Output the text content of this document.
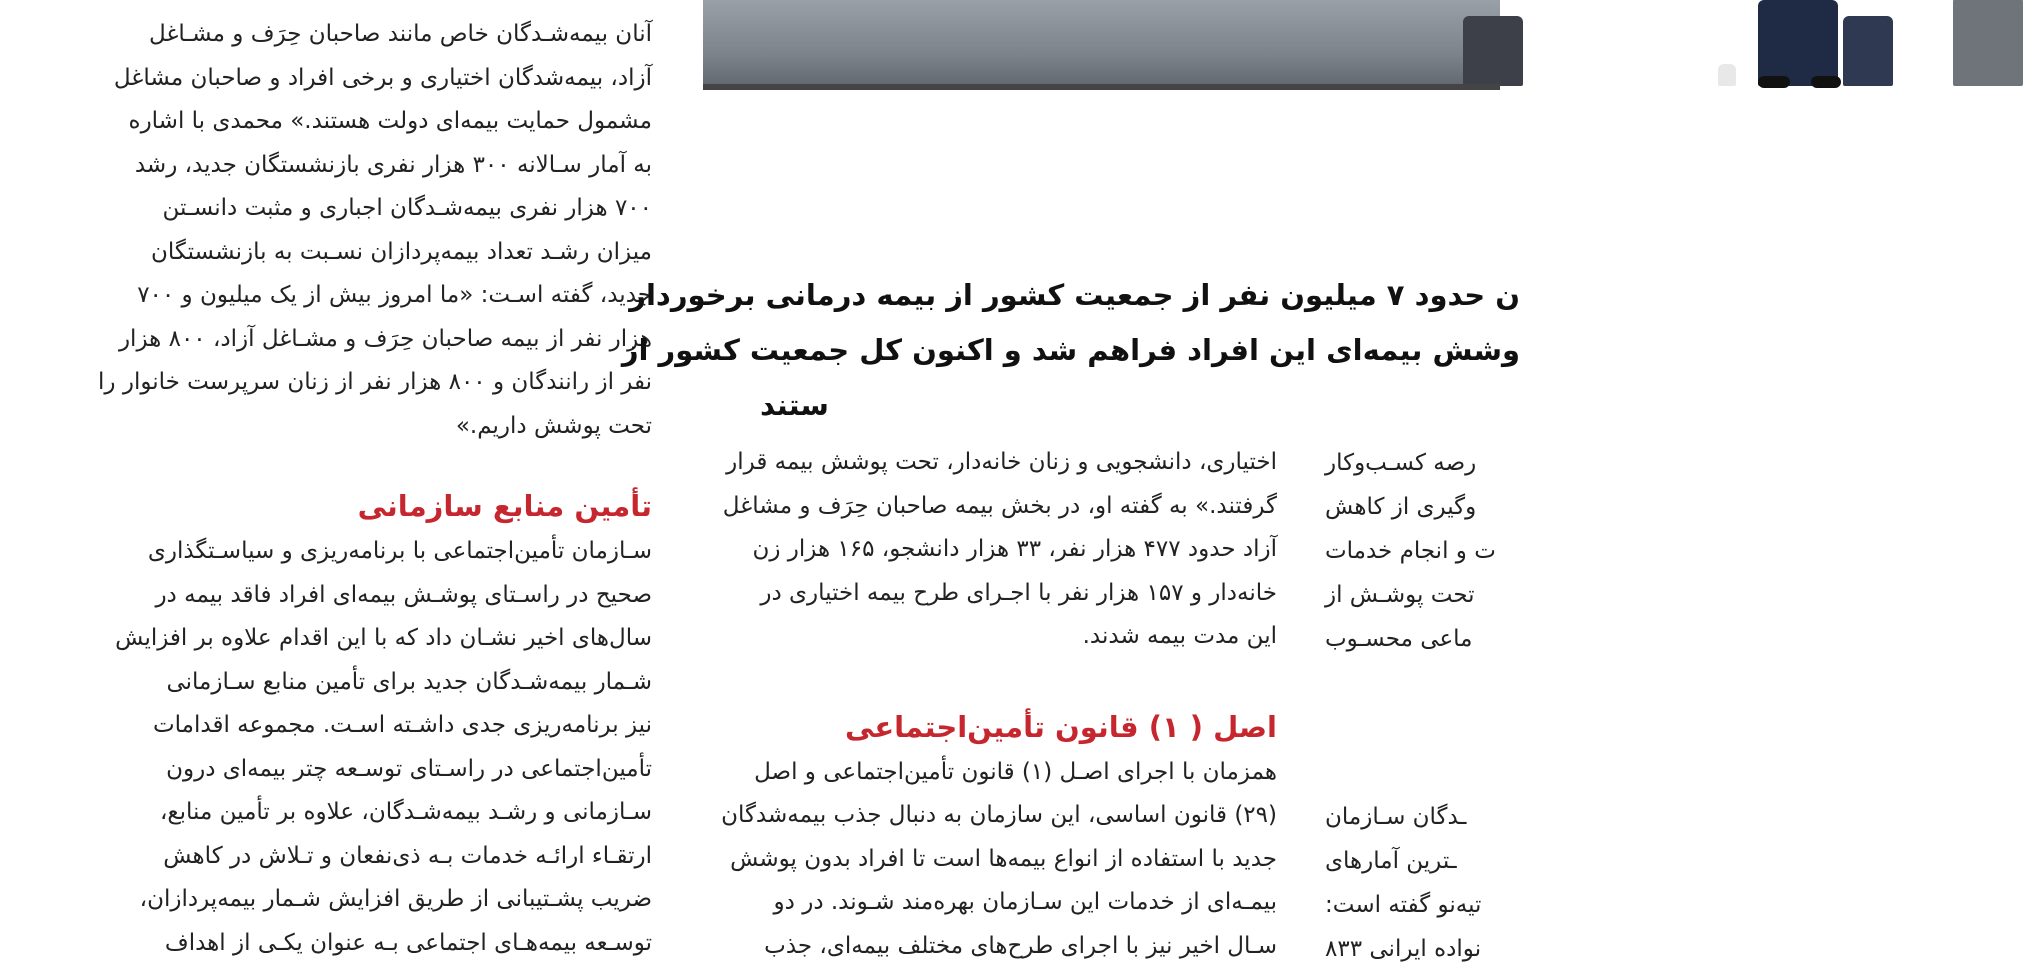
آنان بیمه‌شـدگان خاص مانند صاحبان حِرَف و مشـاغل

آزاد، بیمه‌شدگان اختیاری و برخی افراد و صاحبان مشاغل

مشمول حمایت بیمه‌ای دولت هستند.» محمدی با اشاره

به آمار سـالانه ۳۰۰ هزار نفری بازنشستگان جدید، رشد

۷۰۰ هزار نفری بیمه‌شـدگان اجباری و مثبت دانسـتن

میزان رشـد تعداد بیمه‌پردازان نسـبت به بازنشستگان

جدید، گفته اسـت: «ما امروز بیش از یک میلیون و ۷۰۰

هزار نفر از بیمه صاحبان حِرَف و مشـاغل آزاد، ۸۰۰ هزار

نفر از رانندگان و ۸۰۰ هزار نفر از زنان سرپرست خانوار را

تحت پوشش داریم.»

تأمین منابع سازمانی

سـازمان تأمین‌اجتماعی با برنامه‌ریزی و سیاسـتگذاری

صحیح در راسـتای پوشـش بیمه‌ای افراد فاقد بیمه در

سال‌های اخیر نشـان داد که با این اقدام علاوه بر افزایش

شـمار بیمه‌شـدگان جدید برای تأمین منابع سـازمانی

نیز برنامه‌ریزی جدی داشـته اسـت. مجموعه اقدامات

تأمین‌اجتماعی در راسـتای توسـعه چتر بیمه‌ای درون

سـازمانی و رشـد بیمه‌شـدگان، علاوه بر تأمین منابع،

ارتقـاء ارائـه خدمات بـه ذی‌نفعان و تـلاش در کاهش

ضریب پشـتیبانی از طریق افزایش شـمار بیمه‌پردازان،

توسـعه بیمه‌هـای اجتماعی بـه عنوان یکـی از اهداف

ن حدود ۷ میلیون نفر از جمعیت کشور از بیمه درمانی برخوردار
وشش بیمه‌ای این افراد فراهم شد و اکنون کل جمعیت کشور از
ستند

اختیاری، دانشجویی و زنان خانه‌دار، تحت پوشش بیمه قرار

گرفتند.» به گفته او، در بخش بیمه صاحبان حِرَف و مشاغل

آزاد حدود ۴۷۷ هزار نفر، ۳۳ هزار دانشجو، ۱۶۵ هزار زن

خانه‌دار و ۱۵۷ هزار نفر با اجـرای طرح بیمه اختیاری در

این مدت بیمه شدند.

اصل ( ۱) قانون تأمین‌اجتماعی

همزمان با اجرای اصـل (۱) قانون تأمین‌اجتماعی و اصل

(۲۹) قانون اساسی، این سازمان به دنبال جذب بیمه‌شدگان

جدید با استفاده از انواع بیمه‌ها است تا افراد بدون پوشش

بیمـه‌ای از خدمات این سـازمان بهره‌مند شـوند. در دو

سـال اخیر نیز با اجرای طرح‌های مختلف بیمه‌ای، جذب

رصه کسـب‌وکار
وگیری از کاهش
ت و انجام خدمات
تحت پوشـش از
ماعی محسـوب
ـدگان سـازمان
ـترین آمارهای
تیه‌نو گفته است:
نواده ایرانی ۸۳۳
